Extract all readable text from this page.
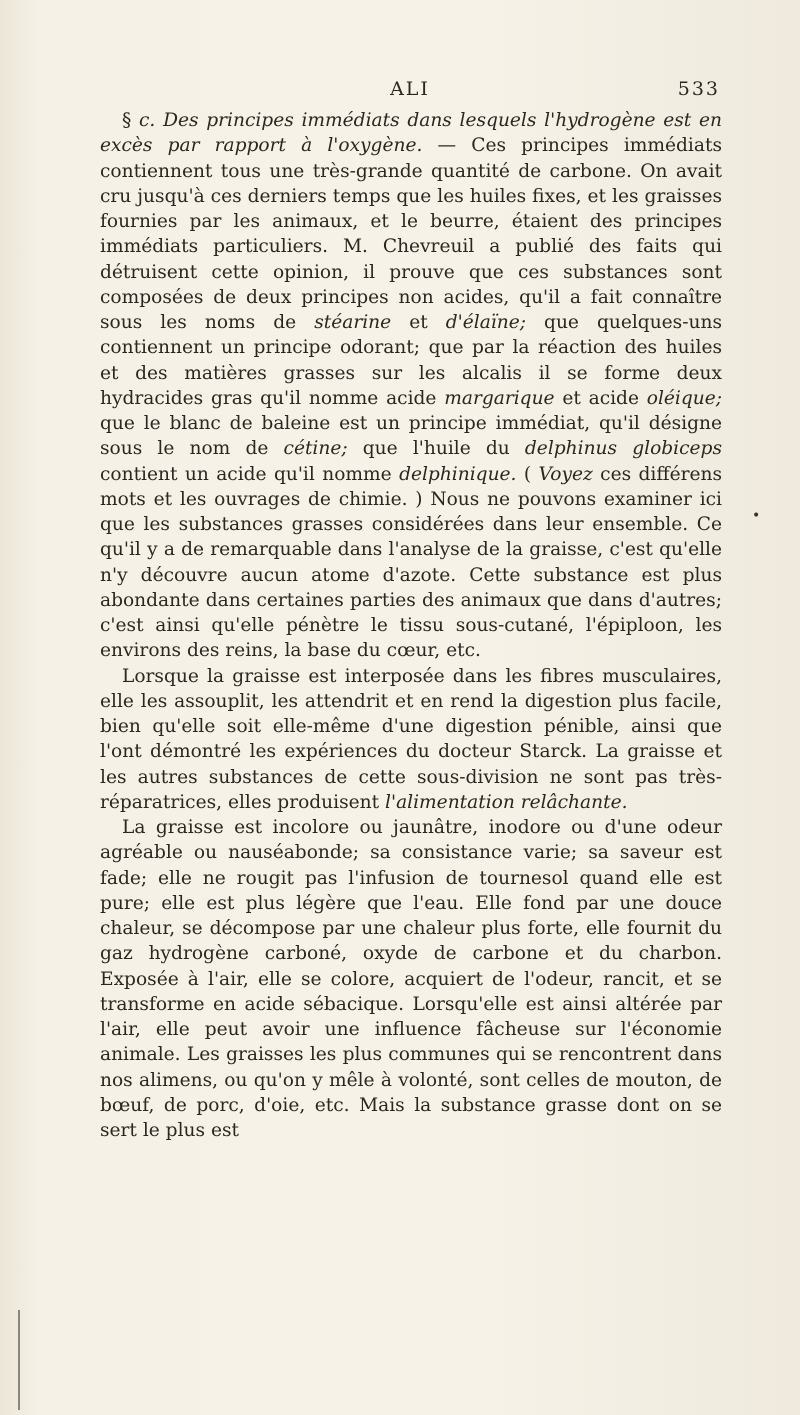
ALI	533

§ c. Des principes immédiats dans lesquels l'hydrogène est en excès par rapport à l'oxygène. — Ces principes immédiats contiennent tous une très-grande quantité de carbone. On avait cru jusqu'à ces derniers temps que les huiles fixes, et les graisses fournies par les animaux, et le beurre, étaient des principes immédiats particuliers. M. Chevreuil a publié des faits qui détruisent cette opinion, il prouve que ces substances sont composées de deux principes non acides, qu'il a fait connaître sous les noms de stéarine et d'élaïne; que quelques-uns contiennent un principe odorant; que par la réaction des huiles et des matières grasses sur les alcalis il se forme deux hydracides gras qu'il nomme acide margarique et acide oléique; que le blanc de baleine est un principe immédiat, qu'il désigne sous le nom de cétine; que l'huile du delphinus globiceps contient un acide qu'il nomme delphinique. ( Voyez ces différens mots et les ouvrages de chimie. ) Nous ne pouvons examiner ici que les substances grasses considérées dans leur ensemble. Ce qu'il y a de remarquable dans l'analyse de la graisse, c'est qu'elle n'y découvre aucun atome d'azote. Cette substance est plus abondante dans certaines parties des animaux que dans d'autres; c'est ainsi qu'elle pénètre le tissu sous-cutané, l'épiploon, les environs des reins, la base du cœur, etc.

Lorsque la graisse est interposée dans les fibres musculaires, elle les assouplit, les attendrit et en rend la digestion plus facile, bien qu'elle soit elle-même d'une digestion pénible, ainsi que l'ont démontré les expériences du docteur Starck. La graisse et les autres substances de cette sous-division ne sont pas très-réparatrices, elles produisent l'alimentation relâchante.

La graisse est incolore ou jaunâtre, inodore ou d'une odeur agréable ou nauséabonde; sa consistance varie; sa saveur est fade; elle ne rougit pas l'infusion de tournesol quand elle est pure; elle est plus légère que l'eau. Elle fond par une douce chaleur, se décompose par une chaleur plus forte, elle fournit du gaz hydrogène carboné, oxyde de carbone et du charbon. Exposée à l'air, elle se colore, acquiert de l'odeur, rancit, et se transforme en acide sébacique. Lorsqu'elle est ainsi altérée par l'air, elle peut avoir une influence fâcheuse sur l'économie animale. Les graisses les plus communes qui se rencontrent dans nos alimens, ou qu'on y mêle à volonté, sont celles de mouton, de bœuf, de porc, d'oie, etc. Mais la substance grasse dont on se sert le plus est

•
